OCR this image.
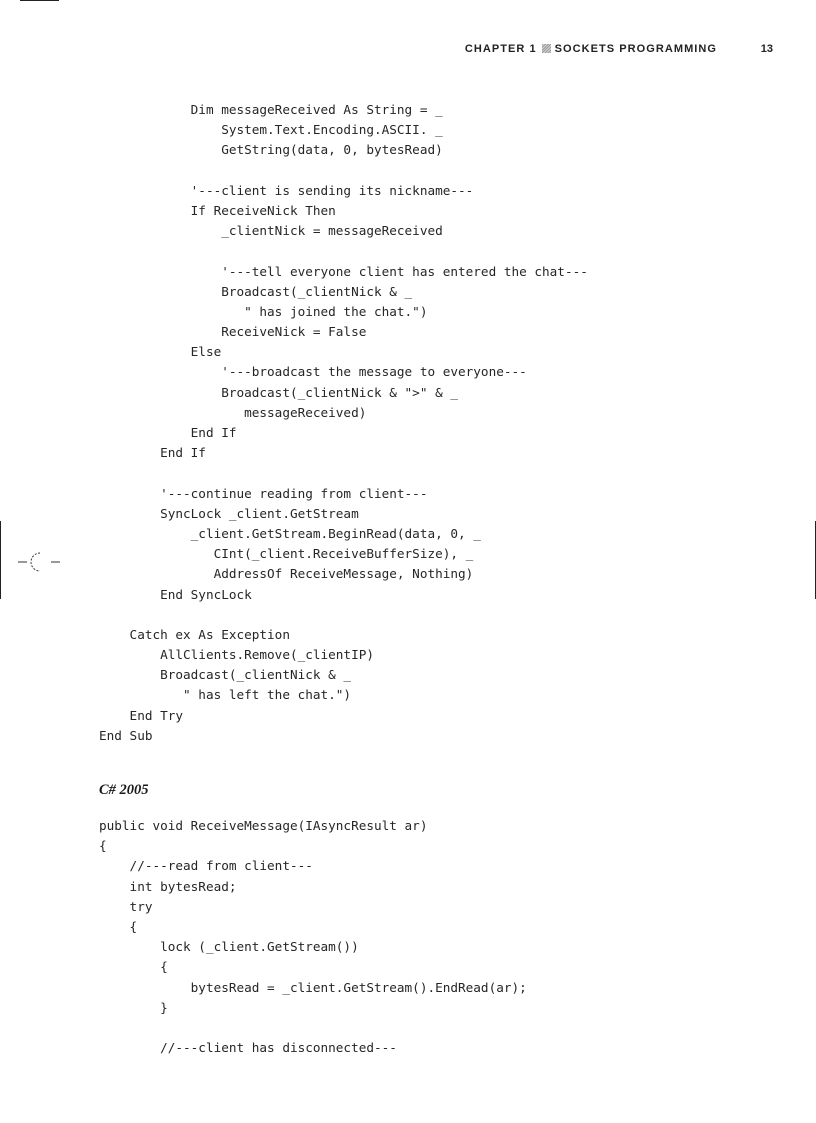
CHAPTER 1 SOCKETS PROGRAMMING	13
Dim messageReceived As String = _
System.Text.Encoding.ASCII. _
GetString(data, 0, bytesRead)
'---client is sending its nickname---
If ReceiveNick Then
_clientNick = messageReceived
'---tell everyone client has entered the chat---
Broadcast(_clientNick & _
" has joined the chat.")
ReceiveNick = False
Else
'---broadcast the message to everyone---
Broadcast(_clientNick & ">" & _
messageReceived)
End If
End If
'---continue reading from client---
SyncLock _client.GetStream
_client.GetStream.BeginRead(data, 0, _
CInt(_client.ReceiveBufferSize), _
AddressOf ReceiveMessage, Nothing)
End SyncLock
Catch ex As Exception
AllClients.Remove(_clientIP)
Broadcast(_clientNick & _
" has left the chat.")
End Try
End Sub
C# 2005
public void ReceiveMessage(IAsyncResult ar)
{
//---read from client---
int bytesRead;
try
{
lock (_client.GetStream())
{
bytesRead = _client.GetStream().EndRead(ar);
}
//---client has disconnected---
